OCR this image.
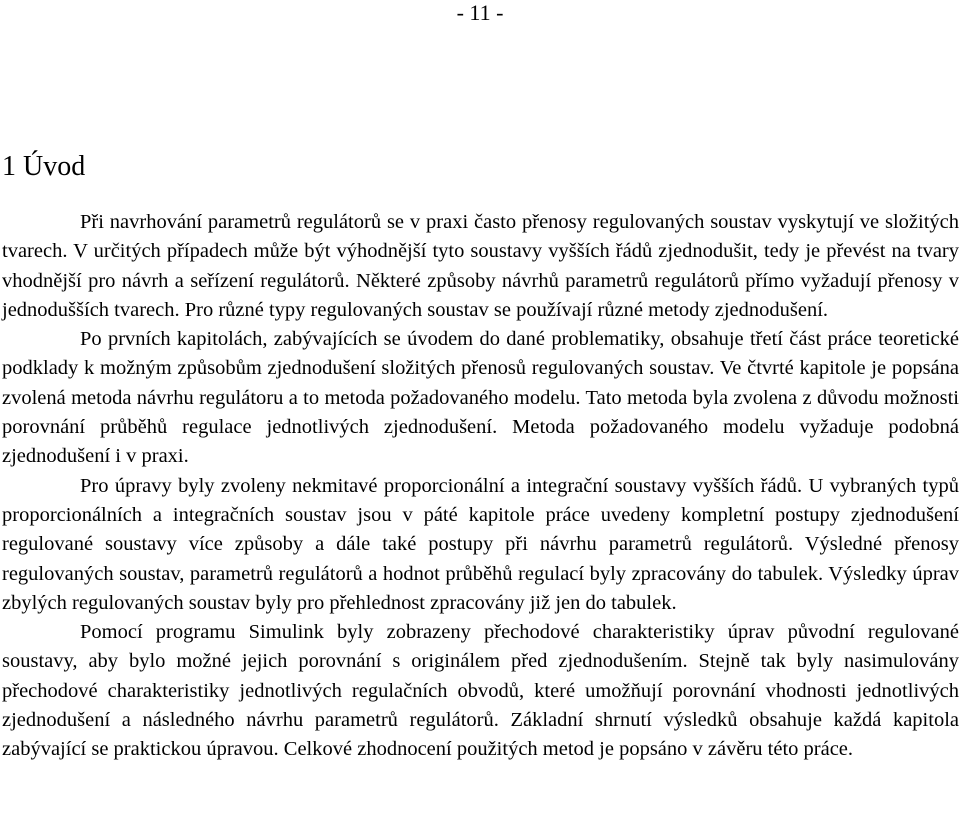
- 11 -
1 Úvod

Při navrhování parametrů regulátorů se v praxi často přenosy regulovaných soustav vyskytují ve složitých tvarech. V určitých případech může být výhodnější tyto soustavy vyšších řádů zjednodušit, tedy je převést na tvary vhodnější pro návrh a seřízení regulátorů. Některé způsoby návrhů parametrů regulátorů přímo vyžadují přenosy v jednodušších tvarech. Pro různé typy regulovaných soustav se používají různé metody zjednodušení.

Po prvních kapitolách, zabývajících se úvodem do dané problematiky, obsahuje třetí část práce teoretické podklady k možným způsobům zjednodušení složitých přenosů regulovaných soustav. Ve čtvrté kapitole je popsána zvolená metoda návrhu regulátoru a to metoda požadovaného modelu. Tato metoda byla zvolena z důvodu možnosti porovnání průběhů regulace jednotlivých zjednodušení. Metoda požadovaného modelu vyžaduje podobná zjednodušení i v praxi.

Pro úpravy byly zvoleny nekmitavé proporcionální a integrační soustavy vyšších řádů. U vybraných typů proporcionálních a integračních soustav jsou v páté kapitole práce uvedeny kompletní postupy zjednodušení regulované soustavy více způsoby a dále také postupy při návrhu parametrů regulátorů. Výsledné přenosy regulovaných soustav, parametrů regulátorů a hodnot průběhů regulací byly zpracovány do tabulek. Výsledky úprav zbylých regulovaných soustav byly pro přehlednost zpracovány již jen do tabulek.

Pomocí programu Simulink byly zobrazeny přechodové charakteristiky úprav původní regulované soustavy, aby bylo možné jejich porovnání s originálem před zjednodušením. Stejně tak byly nasimulovány přechodové charakteristiky jednotlivých regulačních obvodů, které umožňují porovnání vhodnosti jednotlivých zjednodušení a následného návrhu parametrů regulátorů. Základní shrnutí výsledků obsahuje každá kapitola zabývající se praktickou úpravou. Celkové zhodnocení použitých metod je popsáno v závěru této práce.
